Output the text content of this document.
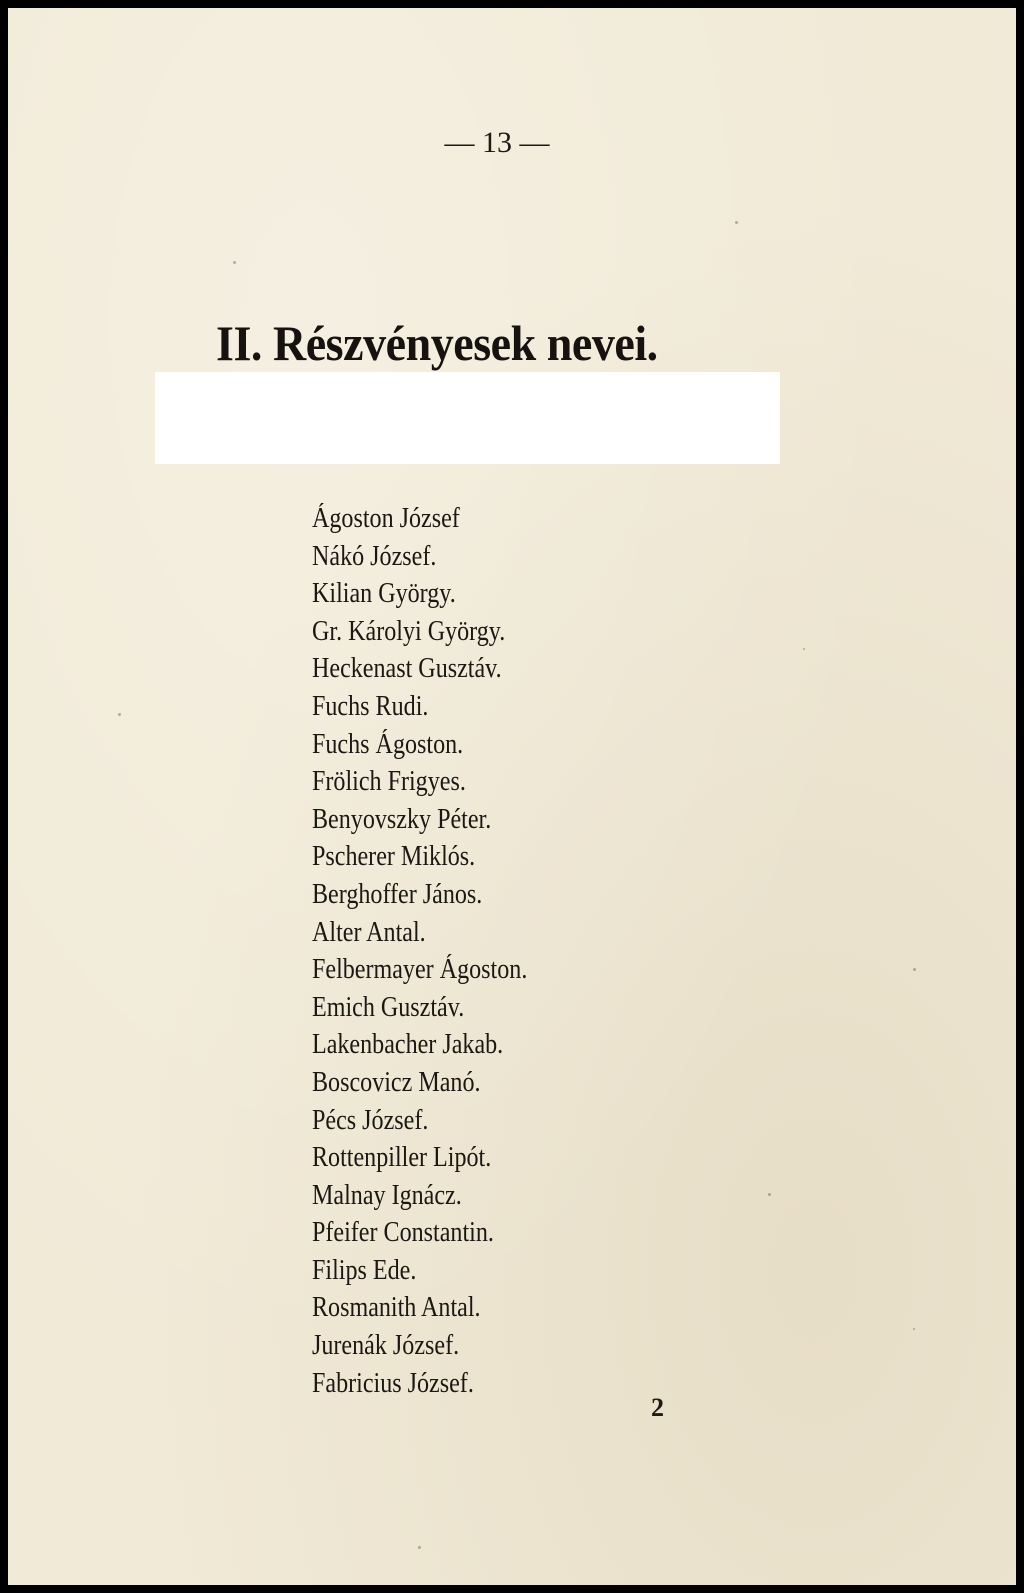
— 13 —
II. Részvényesek nevei.
Ágoston József
Nákó József.
Kilian György.
Gr. Károlyi György.
Heckenast Gusztáv.
Fuchs Rudi.
Fuchs Ágoston.
Frölich Frigyes.
Benyovszky Péter.
Pscherer Miklós.
Berghoffer János.
Alter Antal.
Felbermayer Ágoston.
Emich Gusztáv.
Lakenbacher Jakab.
Boscovicz Manó.
Pécs József.
Rottenpiller Lipót.
Malnay Ignácz.
Pfeifer Constantin.
Filips Ede.
Rosmanith Antal.
Jurenák József.
Fabricius József.
2
